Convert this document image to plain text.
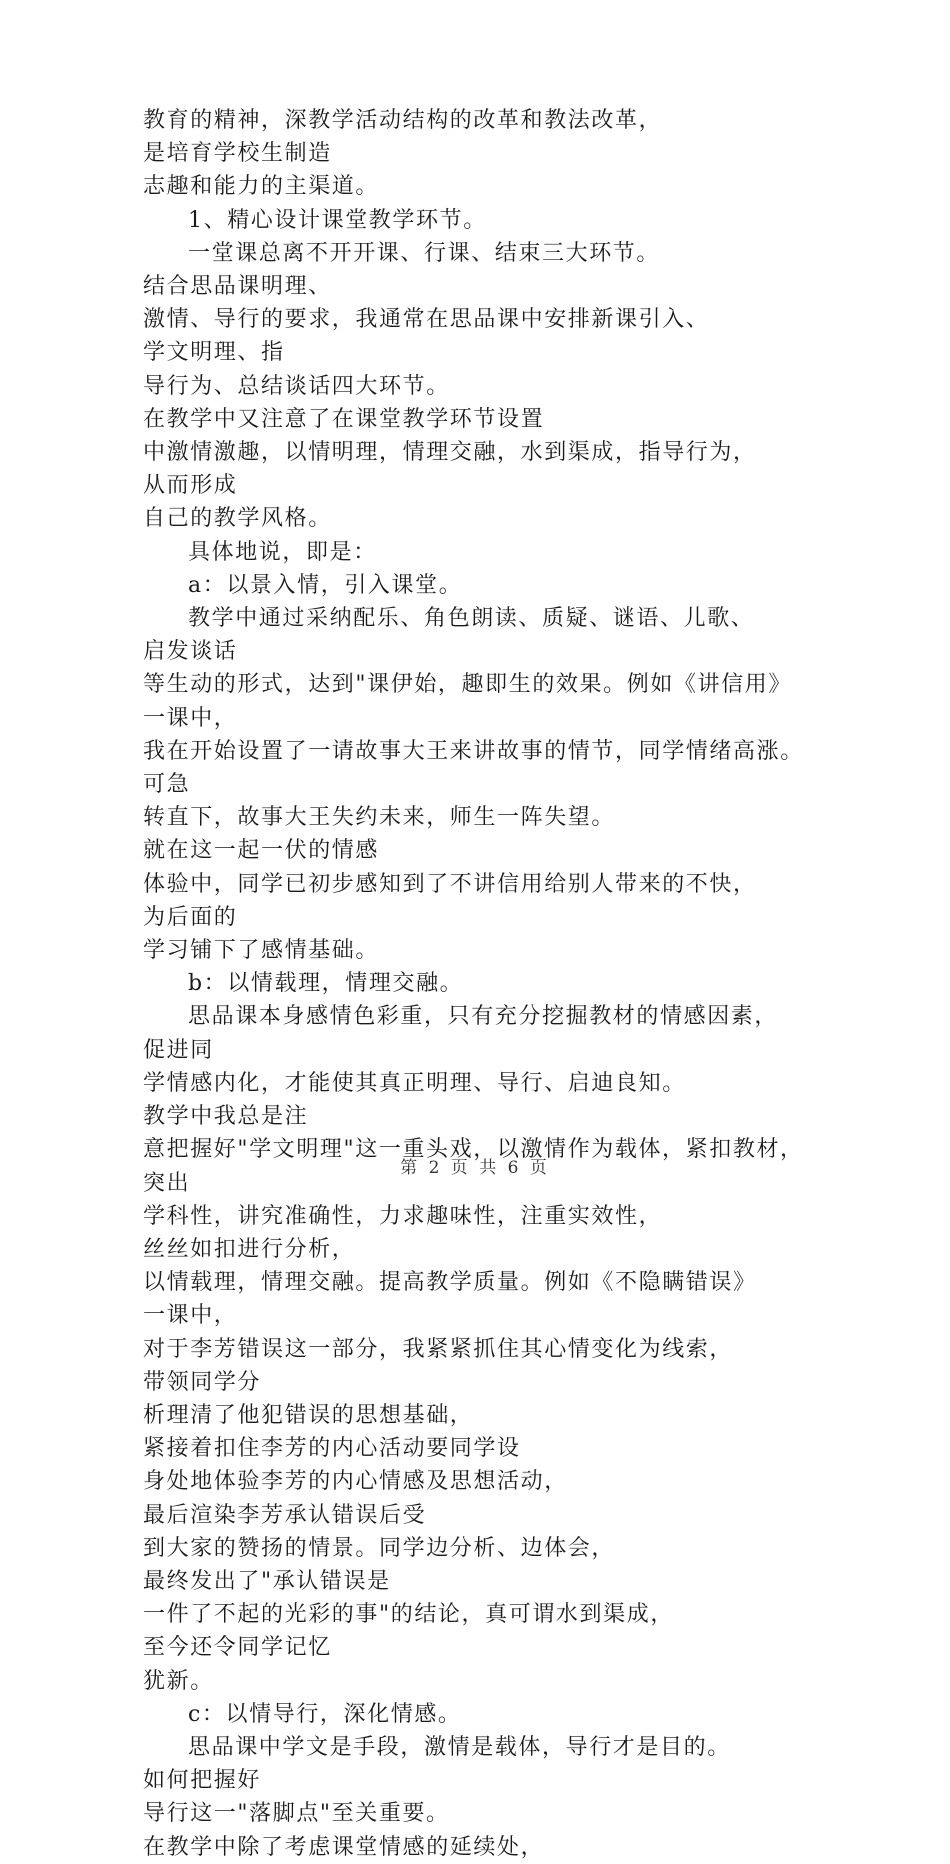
教育的精神，深教学活动结构的改革和教法改革，是培育学校生制造
志趣和能力的主渠道。

1、精心设计课堂教学环节。

一堂课总离不开开课、行课、结束三大环节。结合思品课明理、
激情、导行的要求，我通常在思品课中安排新课引入、学文明理、指
导行为、总结谈话四大环节。在教学中又注意了在课堂教学环节设置
中激情激趣，以情明理，情理交融，水到渠成，指导行为，从而形成
自己的教学风格。

具体地说，即是：

a：以景入情，引入课堂。

教学中通过采纳配乐、角色朗读、质疑、谜语、儿歌、启发谈话
等生动的形式，达到"课伊始，趣即生的效果。例如《讲信用》一课中，
我在开始设置了一请故事大王来讲故事的情节，同学情绪高涨。可急
转直下，故事大王失约未来，师生一阵失望。就在这一起一伏的情感
体验中，同学已初步感知到了不讲信用给别人带来的不快，为后面的
学习铺下了感情基础。

b：以情载理，情理交融。

思品课本身感情色彩重，只有充分挖掘教材的情感因素，促进同
学情感内化，才能使其真正明理、导行、启迪良知。教学中我总是注
意把握好"学文明理"这一重头戏，以激情作为载体，紧扣教材，突出
学科性，讲究准确性，力求趣味性，注重实效性，丝丝如扣进行分析，
以情载理，情理交融。提高教学质量。例如《不隐瞒错误》一课中，
对于李芳错误这一部分，我紧紧抓住其心情变化为线索，带领同学分
析理清了他犯错误的思想基础，紧接着扣住李芳的内心活动要同学设
身处地体验李芳的内心情感及思想活动，最后渲染李芳承认错误后受
到大家的赞扬的情景。同学边分析、边体会，最终发出了"承认错误是
一件了不起的光彩的事"的结论，真可谓水到渠成，至今还令同学记忆
犹新。

c：以情导行，深化情感。

思品课中学文是手段，激情是载体，导行才是目的。如何把握好
导行这一"落脚点"至关重要。在教学中除了考虑课堂情感的延续处，

第 2 页 共 6 页
